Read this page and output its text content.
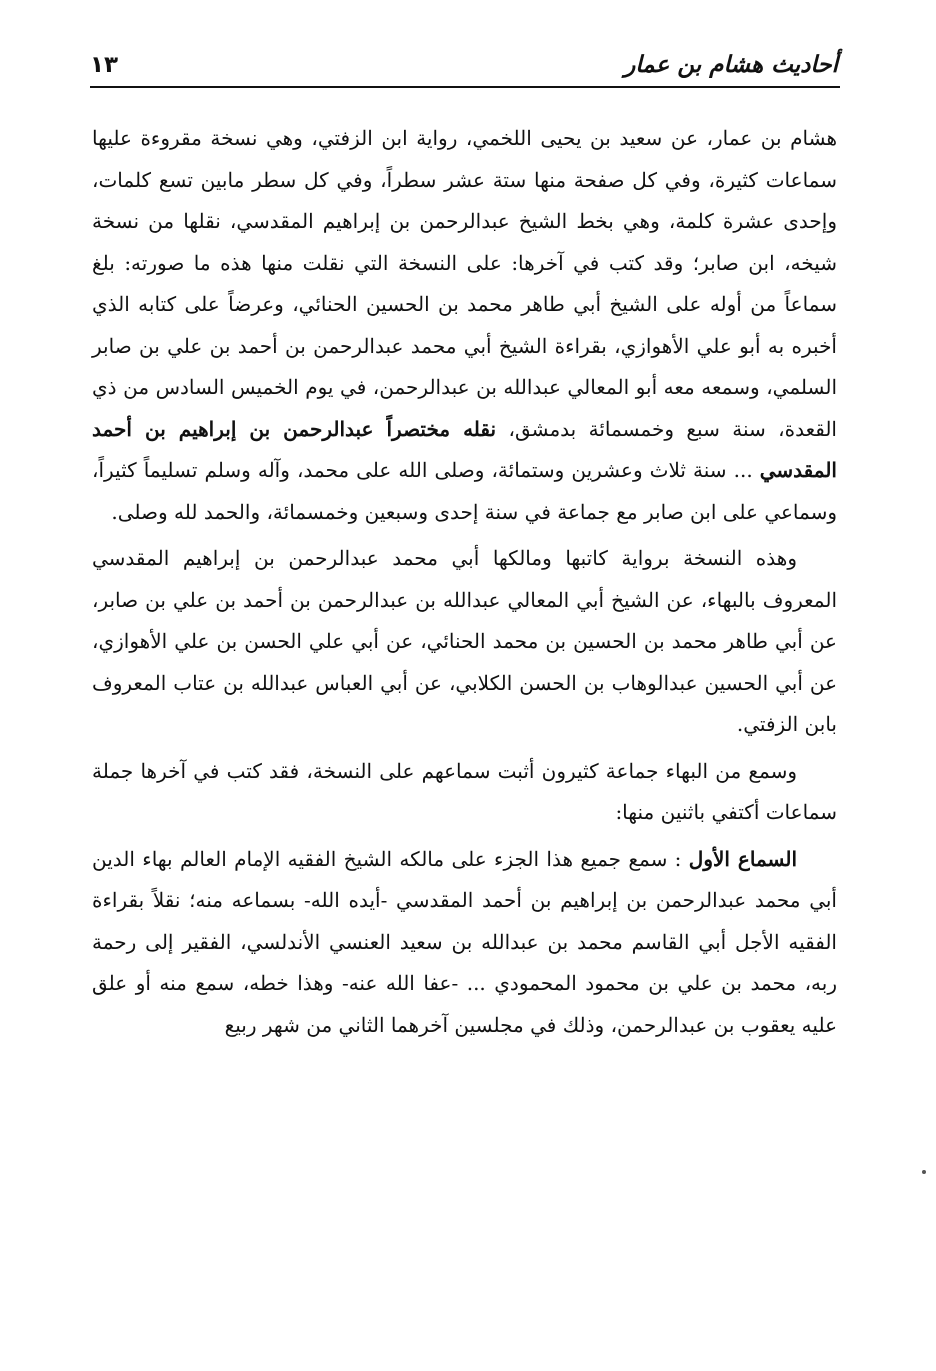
أحاديث هشام بن عمار
١٣

هشام بن عمار، عن سعيد بن يحيى اللخمي، رواية ابن الزفتي، وهي نسخة مقروءة عليها سماعات كثيرة، وفي كل صفحة منها ستة عشر سطراً، وفي كل سطر مابين تسع كلمات، وإحدى عشرة كلمة، وهي بخط الشيخ عبدالرحمن بن إبراهيم المقدسي، نقلها من نسخة شيخه، ابن صابر؛ وقد كتب في آخرها: على النسخة التي نقلت منها هذه ما صورته: بلغ سماعاً من أوله على الشيخ أبي طاهر محمد بن الحسين الحنائي، وعرضاً على كتابه الذي أخبره به أبو علي الأهوازي، بقراءة الشيخ أبي محمد عبدالرحمن بن أحمد بن علي بن صابر السلمي، وسمعه معه أبو المعالي عبدالله بن عبدالرحمن، في يوم الخميس السادس من ذي القعدة، سنة سبع وخمسمائة بدمشق، نقله مختصراً عبدالرحمن بن إبراهيم بن أحمد المقدسي ... سنة ثلاث وعشرين وستمائة، وصلى الله على محمد، وآله وسلم تسليماً كثيراً، وسماعي على ابن صابر مع جماعة في سنة إحدى وسبعين وخمسمائة، والحمد لله وصلى.

وهذه النسخة برواية كاتبها ومالكها أبي محمد عبدالرحمن بن إبراهيم المقدسي المعروف بالبهاء، عن الشيخ أبي المعالي عبدالله بن عبدالرحمن بن أحمد بن علي بن صابر، عن أبي طاهر محمد بن الحسين بن محمد الحنائي، عن أبي علي الحسن بن علي الأهوازي، عن أبي الحسين عبدالوهاب بن الحسن الكلابي، عن أبي العباس عبدالله بن عتاب المعروف بابن الزفتي.

وسمع من البهاء جماعة كثيرون أثبت سماعهم على النسخة، فقد كتب في آخرها جملة سماعات أكتفي باثنين منها:

السماع الأول : سمع جميع هذا الجزء على مالكه الشيخ الفقيه الإمام العالم بهاء الدين أبي محمد عبدالرحمن بن إبراهيم بن أحمد المقدسي -أيده الله- بسماعه منه؛ نقلاً بقراءة الفقيه الأجل أبي القاسم محمد بن عبدالله بن سعيد العنسي الأندلسي، الفقير إلى رحمة ربه، محمد بن علي بن محمود المحمودي ... -عفا الله عنه- وهذا خطه، سمع منه أو علق عليه يعقوب بن عبدالرحمن، وذلك في مجلسين آخرهما الثاني من شهر ربيع
